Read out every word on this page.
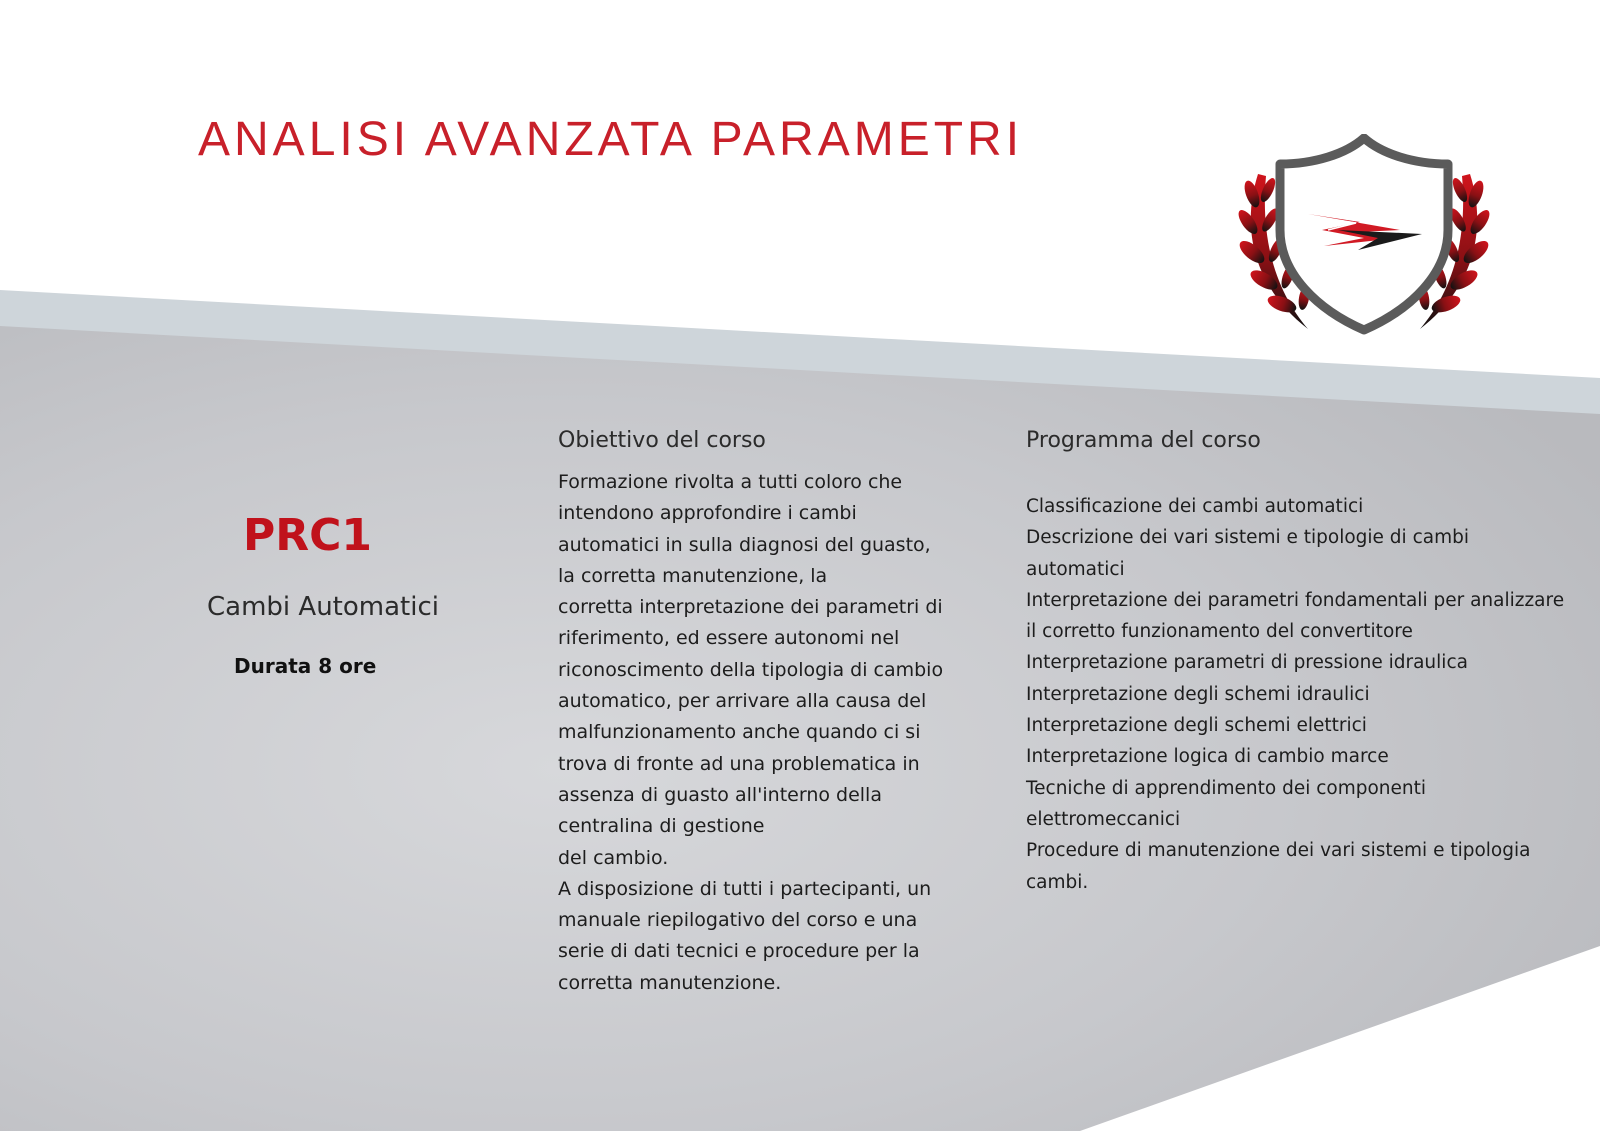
ANALISI AVANZATA PARAMETRI
PRC1
Cambi Automatici
Durata 8 ore
Obiettivo del corso
Formazione rivolta a tutti coloro che
intendono approfondire i cambi
automatici in sulla diagnosi del guasto,
la corretta manutenzione, la
corretta interpretazione dei parametri di
riferimento, ed essere autonomi nel
riconoscimento della tipologia di cambio
automatico, per arrivare alla causa del
malfunzionamento anche quando ci si
trova di fronte ad una problematica in
assenza di guasto all'interno della
centralina di gestione
del cambio.
A disposizione di tutti i partecipanti, un
manuale riepilogativo del corso e una
serie di dati tecnici e procedure per la
corretta manutenzione.
Programma del corso
Classificazione dei cambi automatici
Descrizione dei vari sistemi e tipologie di cambi
automatici
Interpretazione dei parametri fondamentali per analizzare
il corretto funzionamento del convertitore
Interpretazione parametri di pressione idraulica
Interpretazione degli schemi idraulici
Interpretazione degli schemi elettrici
Interpretazione logica di cambio marce
Tecniche di apprendimento dei componenti
elettromeccanici
Procedure di manutenzione dei vari sistemi e tipologia
cambi.
